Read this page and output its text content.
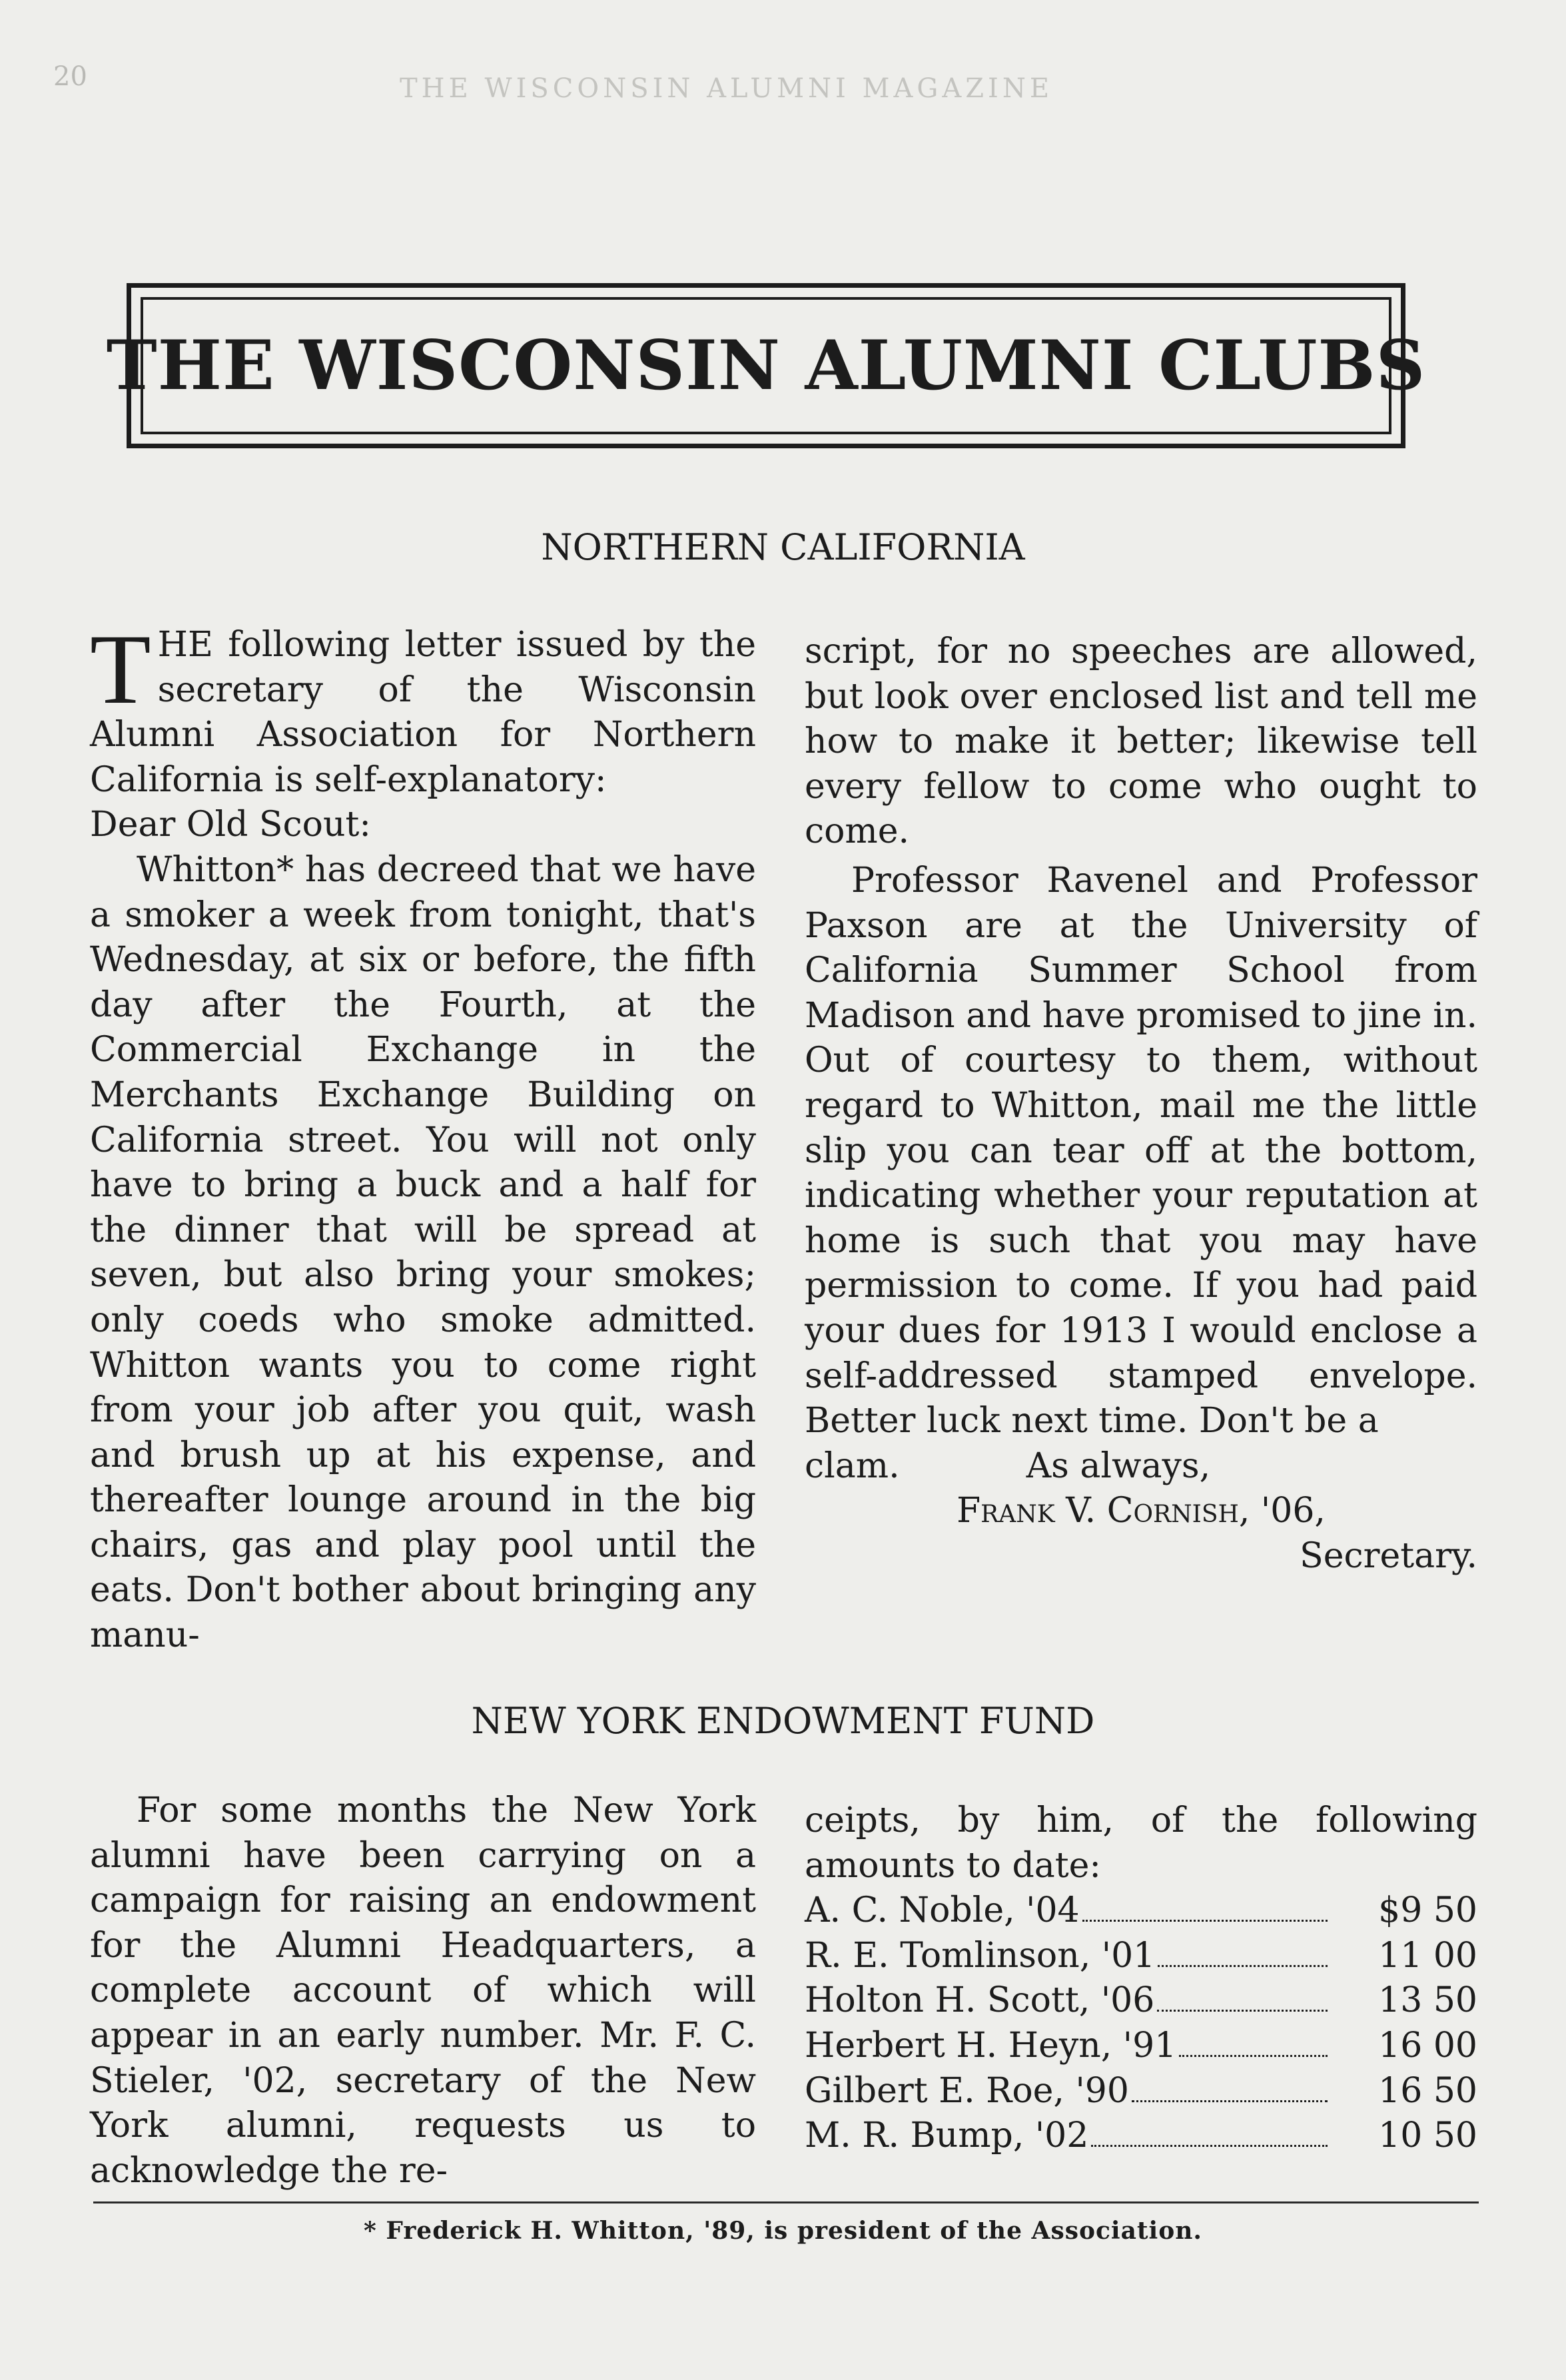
20	THE WISCONSIN ALUMNI MAGAZINE
THE WISCONSIN ALUMNI CLUBS
NORTHERN CALIFORNIA

THE following letter issued by the secretary of the Wisconsin Alumni Association for Northern California is self-explanatory:

Dear Old Scout:

Whitton* has decreed that we have a smoker a week from tonight, that's Wednesday, at six or before, the fifth day after the Fourth, at the Commercial Exchange in the Merchants Exchange Building on California street. You will not only have to bring a buck and a half for the dinner that will be spread at seven, but also bring your smokes; only coeds who smoke admitted. Whitton wants you to come right from your job after you quit, wash and brush up at his expense, and thereafter lounge around in the big chairs, gas and play pool until the eats. Don't bother about bringing any manu-

script, for no speeches are allowed, but look over enclosed list and tell me how to make it better; likewise tell every fellow to come who ought to come.

Professor Ravenel and Professor Paxson are at the University of California Summer School from Madison and have promised to jine in. Out of courtesy to them, without regard to Whitton, mail me the little slip you can tear off at the bottom, indicating whether your reputation at home is such that you may have permission to come. If you had paid your dues for 1913 I would enclose a self-addressed stamped envelope. Better luck next time. Don't be a

clam.	As always,

Frank V. Cornish, '06,

Secretary.

NEW YORK ENDOWMENT FUND

For some months the New York alumni have been carrying on a campaign for raising an endowment for the Alumni Headquarters, a complete account of which will appear in an early number. Mr. F. C. Stieler, '02, secretary of the New York alumni, requests us to acknowledge the re-

ceipts, by him, of the following amounts to date:

A. C. Noble, '04	$9 50
R. E. Tomlinson, '01	11 00
Holton H. Scott, '06	13 50
Herbert H. Heyn, '91	16 00
Gilbert E. Roe, '90	16 50
M. R. Bump, '02	10 50
* Frederick H. Whitton, '89, is president of the Association.
